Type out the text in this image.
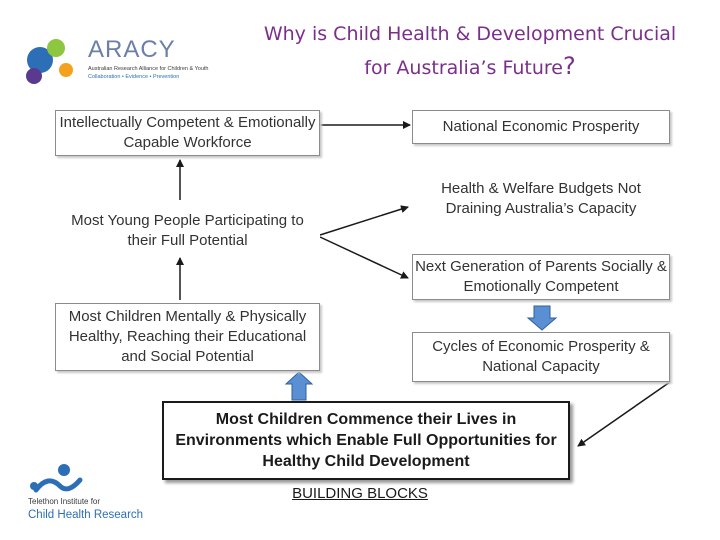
ARACY
Australian Research Alliance for Children & Youth
Collaboration • Evidence • Prevention
Why is Child Health & Development Crucial
for Australia’s Future?
Intellectually Competent & Emotionally Capable Workforce
Most Young People Participating to their Full Potential
Most Children Mentally & Physically Healthy, Reaching their Educational and Social Potential
National Economic Prosperity
Health & Welfare Budgets Not Draining Australia’s Capacity
Next Generation of Parents Socially & Emotionally Competent
Cycles of Economic Prosperity & National Capacity
Most Children Commence their Lives in Environments which Enable Full Opportunities for Healthy Child Development
BUILDING BLOCKS
Telethon Institute for
Child Health Research
